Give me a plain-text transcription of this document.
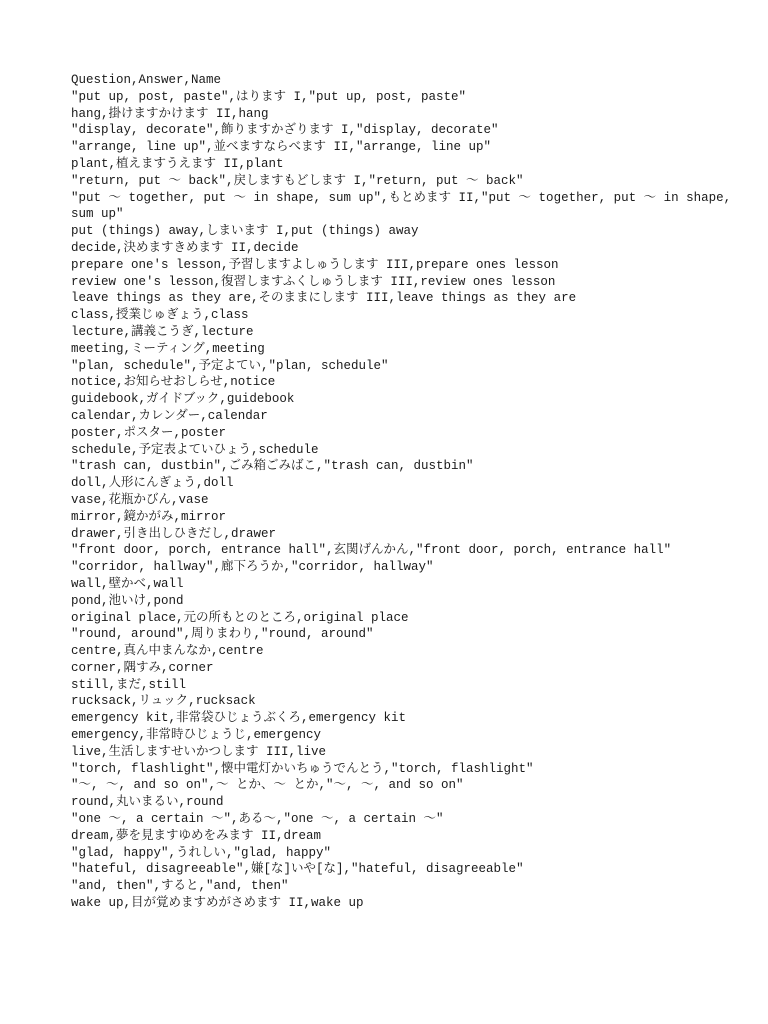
Question,Answer,Name
"put up, post, paste",はります I,"put up, post, paste"
hang,掛けますかけます II,hang
"display, decorate",飾りますかざります I,"display, decorate"
"arrange, line up",並べますならべます II,"arrange, line up"
plant,植えますうえます II,plant
"return, put ～ back",戻しますもどします I,"return, put ～ back"
"put ～ together, put ～ in shape, sum up",もとめます II,"put ～ together, put ～ in shape, sum up"
put (things) away,しまいます I,put (things) away
decide,決めますきめます II,decide
prepare one's lesson,予習しますよしゅうします III,prepare ones lesson
review one's lesson,復習しますふくしゅうします III,review ones lesson
leave things as they are,そのままにします III,leave things as they are
class,授業じゅぎょう,class
lecture,講義こうぎ,lecture
meeting,ミーティング,meeting
"plan, schedule",予定よてい,"plan, schedule"
notice,お知らせおしらせ,notice
guidebook,ガイドブック,guidebook
calendar,カレンダー,calendar
poster,ポスター,poster
schedule,予定表よていひょう,schedule
"trash can, dustbin",ごみ箱ごみばこ,"trash can, dustbin"
doll,人形にんぎょう,doll
vase,花瓶かびん,vase
mirror,鏡かがみ,mirror
drawer,引き出しひきだし,drawer
"front door, porch, entrance hall",玄関げんかん,"front door, porch, entrance hall"
"corridor, hallway",廊下ろうか,"corridor, hallway"
wall,壁かべ,wall
pond,池いけ,pond
original place,元の所もとのところ,original place
"round, around",周りまわり,"round, around"
centre,真ん中まんなか,centre
corner,隅すみ,corner
still,まだ,still
rucksack,リュック,rucksack
emergency kit,非常袋ひじょうぶくろ,emergency kit
emergency,非常時ひじょうじ,emergency
live,生活しますせいかつします III,live
"torch, flashlight",懐中電灯かいちゅうでんとう,"torch, flashlight"
"～, ～, and so on",～ とか、～ とか,"～, ～, and so on"
round,丸いまるい,round
"one ～, a certain ～",ある～,"one ～, a certain ～"
dream,夢を見ますゆめをみます II,dream
"glad, happy",うれしい,"glad, happy"
"hateful, disagreeable",嫌[な]いや[な],"hateful, disagreeable"
"and, then",すると,"and, then"
wake up,目が覚めますめがさめます II,wake up
